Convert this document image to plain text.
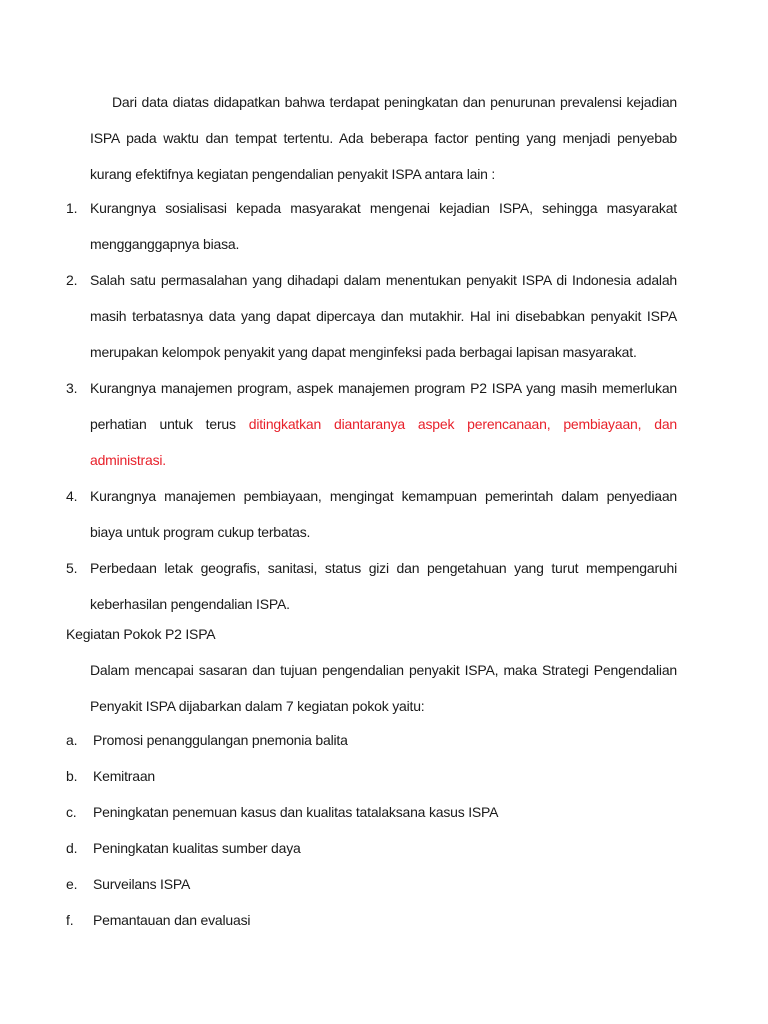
Dari data diatas didapatkan bahwa terdapat peningkatan dan penurunan prevalensi kejadian ISPA pada waktu dan tempat tertentu. Ada beberapa factor penting yang menjadi penyebab kurang efektifnya kegiatan pengendalian penyakit ISPA antara lain :

1. Kurangnya sosialisasi kepada masyarakat mengenai kejadian ISPA, sehingga masyarakat mengganggapnya biasa.
2. Salah satu permasalahan yang dihadapi dalam menentukan penyakit ISPA di Indonesia adalah masih terbatasnya data yang dapat dipercaya dan mutakhir. Hal ini disebabkan penyakit ISPA merupakan kelompok penyakit yang dapat menginfeksi pada berbagai lapisan masyarakat.
3. Kurangnya manajemen program, aspek manajemen program P2 ISPA yang masih memerlukan perhatian untuk terus ditingkatkan diantaranya aspek perencanaan, pembiayaan, dan administrasi.
4. Kurangnya manajemen pembiayaan, mengingat kemampuan pemerintah dalam penyediaan biaya untuk program cukup terbatas.
5. Perbedaan letak geografis, sanitasi, status gizi dan pengetahuan yang turut mempengaruhi keberhasilan pengendalian ISPA.
Kegiatan Pokok P2 ISPA

Dalam mencapai sasaran dan tujuan pengendalian penyakit ISPA, maka Strategi Pengendalian Penyakit ISPA dijabarkan dalam 7 kegiatan pokok yaitu:

a. Promosi penanggulangan pnemonia balita
b. Kemitraan
c. Peningkatan penemuan kasus dan kualitas tatalaksana kasus ISPA
d. Peningkatan kualitas sumber daya
e. Surveilans ISPA
f. Pemantauan dan evaluasi
